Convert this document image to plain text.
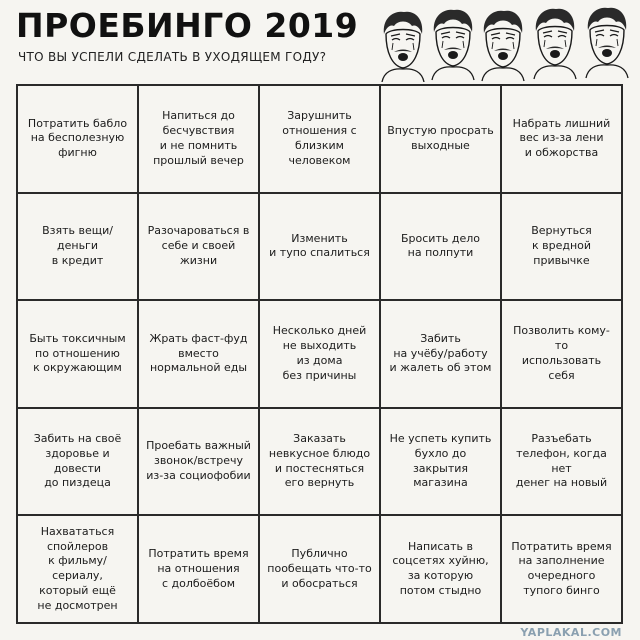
ПРОЕБИНГО 2019
ЧТО ВЫ УСПЕЛИ СДЕЛАТЬ В УХОДЯЩЕМ ГОДУ?
Потратить бабло
на бесполезную
фигню
Напиться до
бесчувствия
и не помнить
прошлый вечер
Зарушнить
отношения с
близким
человеком
Впустую просрать
выходные
Набрать лишний
вес из-за лени
и обжорства
Взять вещи/деньги
в кредит
Разочароваться в
себе и своей
жизни
Изменить
и тупо спалиться
Бросить дело
на полпути
Вернуться
к вредной
привычке
Быть токсичным
по отношению
к окружающим
Жрать фаст-фуд
вместо
нормальной еды
Несколько дней
не выходить
из дома
без причины
Забить
на учёбу/работу
и жалеть об этом
Позволить кому-то
использовать себя
Забить на своё
здоровье и довести
до пиздеца
Проебать важный
звонок/встречу
из-за социофобии
Заказать
невкусное блюдо
и постесняться
его вернуть
Не успеть купить
бухло до закрытия
магазина
Разъебать
телефон, когда нет
денег на новый
Нахвататься
спойлеров
к фильму/сериалу,
который ещё
не досмотрен
Потратить время
на отношения
с долбоёбом
Публично
пообещать что-то
и обосраться
Написать в
соцсетях хуйню,
за которую
потом стыдно
Потратить время
на заполнение
очередного
тупого бинго
YAPLAKAL.COM
